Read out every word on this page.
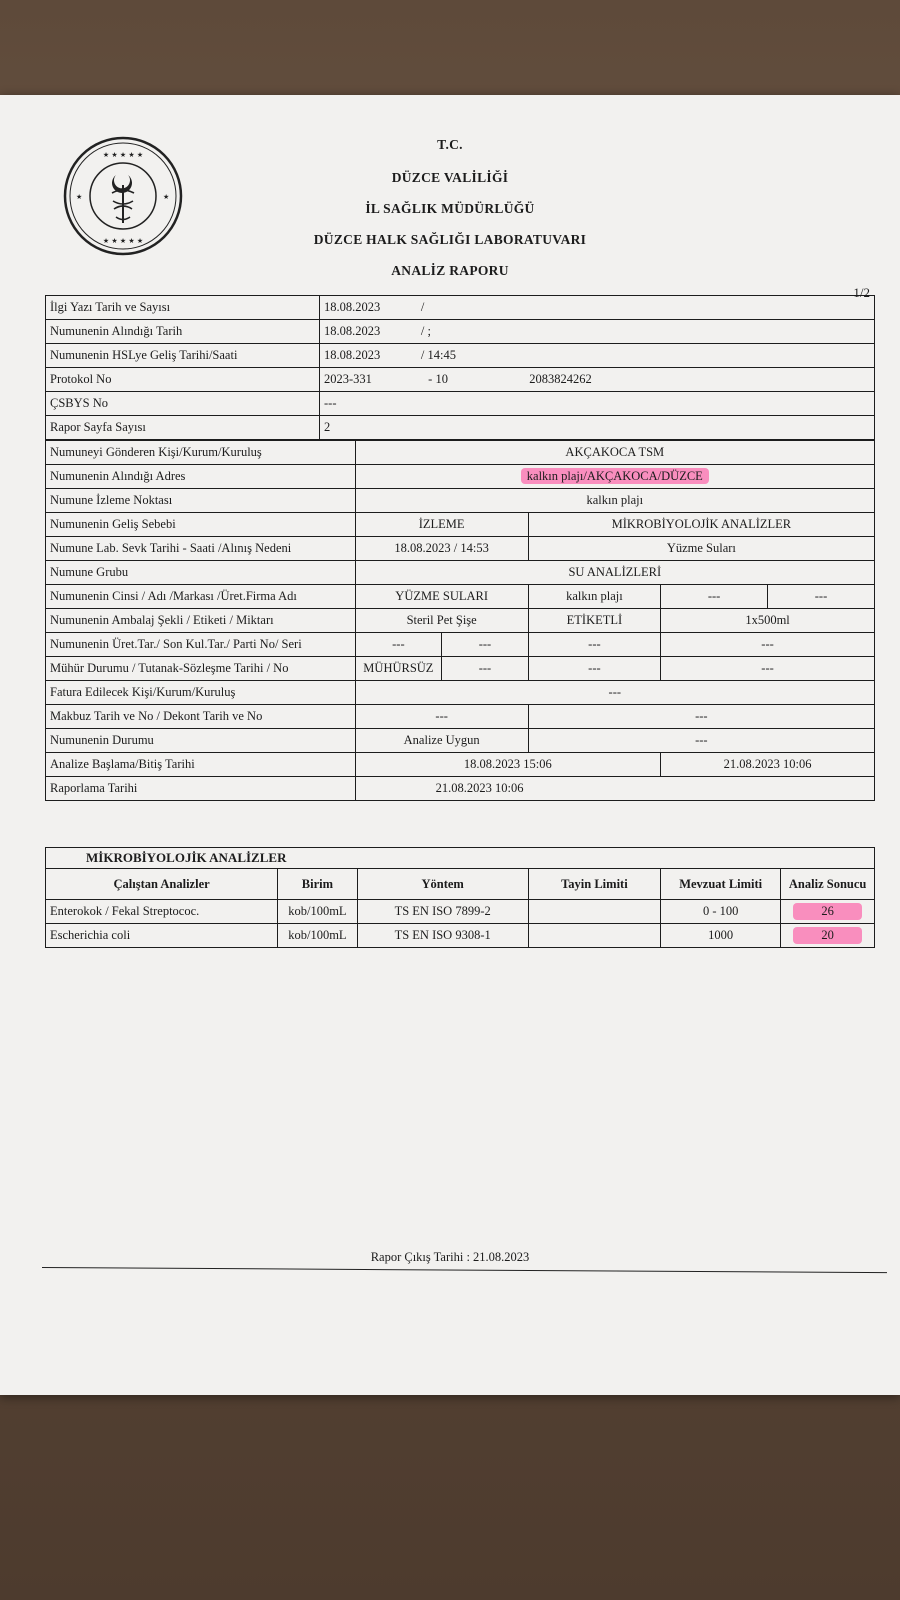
★ ★ ★ ★ ★
★ ★ ★ ★ ★
★	★
T.C.
DÜZCE VALİLİĞİ
İL SAĞLIK MÜDÜRLÜĞÜ
DÜZCE HALK SAĞLIĞI LABORATUVARI
ANALİZ RAPORU
1/2
İlgi Yazı Tarih ve Sayısı	18.08.2023 /
Numunenin Alındığı Tarih	18.08.2023 / ;
Numunenin HSLye Geliş Tarihi/Saati	18.08.2023 / 14:45
Protokol No	2023-331 - 10 2083824262
ÇSBYS No	---
Rapor Sayfa Sayısı	2
Numuneyi Gönderen Kişi/Kurum/Kuruluş	AKÇAKOCA TSM				
Numunenin Alındığı Adres	kalkın plajı/AKÇAKOCA/DÜZCE				
Numune İzleme Noktası	kalkın plajı				
Numunenin Geliş Sebebi	İZLEME		MİKROBİYOLOJİK ANALİZLER		
Numune Lab. Sevk Tarihi - Saati /Alınış Nedeni	18.08.2023 / 14:53		Yüzme Suları		
Numune Grubu	SU ANALİZLERİ				
Numunenin Cinsi / Adı /Markası /Üret.Firma Adı	YÜZME SULARI		kalkın plajı	---	---
Numunenin Ambalaj Şekli / Etiketi / Miktarı	Steril Pet Şişe		ETİKETLİ	1x500ml	
Numunenin Üret.Tar./ Son Kul.Tar./ Parti No/ Seri	---	---	---	---	
Mühür Durumu / Tutanak-Sözleşme Tarihi / No	MÜHÜRSÜZ	---	---	---	
Fatura Edilecek Kişi/Kurum/Kuruluş	---				
Makbuz Tarih ve No / Dekont Tarih ve No	---		---		
Numunenin Durumu	Analize Uygun		---		
Analize Başlama/Bitiş Tarihi	18.08.2023 15:06			21.08.2023 10:06	
Raporlama Tarihi	21.08.2023 10:06				
MİKROBİYOLOJİK ANALİZLER					
Çalıştan Analizler	Birim	Yöntem	Tayin Limiti	Mevzuat Limiti	Analiz Sonucu
Enterokok / Fekal Streptococ.	kob/100mL	TS EN ISO 7899-2		0 - 100	26
Escherichia coli	kob/100mL	TS EN ISO 9308-1		1000	20
Rapor Çıkış Tarihi : 21.08.2023
